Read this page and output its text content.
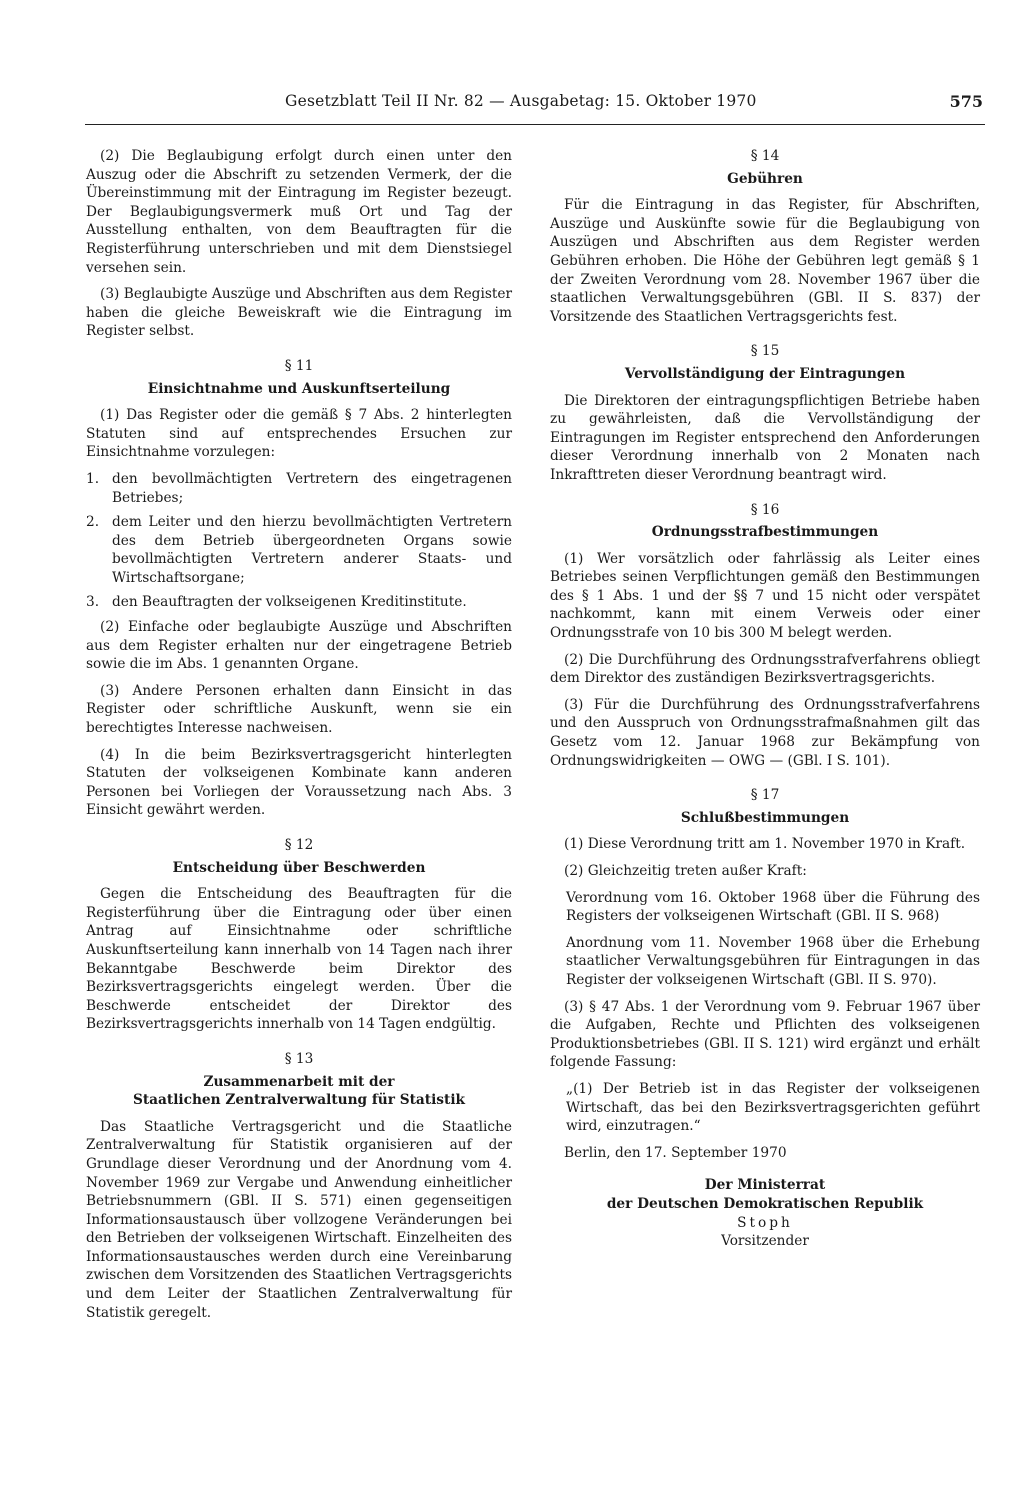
Gesetzblatt Teil II Nr. 82 — Ausgabetag: 15. Oktober 1970	575

(2) Die Beglaubigung erfolgt durch einen unter den Auszug oder die Abschrift zu setzenden Vermerk, der die Übereinstimmung mit der Eintragung im Register bezeugt. Der Beglaubigungsvermerk muß Ort und Tag der Ausstellung enthalten, von dem Beauftragten für die Registerführung unterschrieben und mit dem Dienstsiegel versehen sein.

(3) Beglaubigte Auszüge und Abschriften aus dem Register haben die gleiche Beweiskraft wie die Eintragung im Register selbst.

§ 11
Einsichtnahme und Auskunftserteilung

(1) Das Register oder die gemäß § 7 Abs. 2 hinterlegten Statuten sind auf entsprechendes Ersuchen zur Einsichtnahme vorzulegen:

1. den bevollmächtigten Vertretern des eingetragenen Betriebes;
2. dem Leiter und den hierzu bevollmächtigten Vertretern des dem Betrieb übergeordneten Organs sowie bevollmächtigten Vertretern anderer Staats- und Wirtschaftsorgane;
3. den Beauftragten der volkseigenen Kreditinstitute.

(2) Einfache oder beglaubigte Auszüge und Abschriften aus dem Register erhalten nur der eingetragene Betrieb sowie die im Abs. 1 genannten Organe.

(3) Andere Personen erhalten dann Einsicht in das Register oder schriftliche Auskunft, wenn sie ein berechtigtes Interesse nachweisen.

(4) In die beim Bezirksvertragsgericht hinterlegten Statuten der volkseigenen Kombinate kann anderen Personen bei Vorliegen der Voraussetzung nach Abs. 3 Einsicht gewährt werden.

§ 12
Entscheidung über Beschwerden

Gegen die Entscheidung des Beauftragten für die Registerführung über die Eintragung oder über einen Antrag auf Einsichtnahme oder schriftliche Auskunftserteilung kann innerhalb von 14 Tagen nach ihrer Bekanntgabe Beschwerde beim Direktor des Bezirksvertragsgerichts eingelegt werden. Über die Beschwerde entscheidet der Direktor des Bezirksvertragsgerichts innerhalb von 14 Tagen endgültig.

§ 13
Zusammenarbeit mit der
Staatlichen Zentralverwaltung für Statistik

Das Staatliche Vertragsgericht und die Staatliche Zentralverwaltung für Statistik organisieren auf der Grundlage dieser Verordnung und der Anordnung vom 4. November 1969 zur Vergabe und Anwendung einheitlicher Betriebsnummern (GBl. II S. 571) einen gegenseitigen Informationsaustausch über vollzogene Veränderungen bei den Betrieben der volkseigenen Wirtschaft. Einzelheiten des Informationsaustausches werden durch eine Vereinbarung zwischen dem Vorsitzenden des Staatlichen Vertragsgerichts und dem Leiter der Staatlichen Zentralverwaltung für Statistik geregelt.

§ 14
Gebühren

Für die Eintragung in das Register, für Abschriften, Auszüge und Auskünfte sowie für die Beglaubigung von Auszügen und Abschriften aus dem Register werden Gebühren erhoben. Die Höhe der Gebühren legt gemäß § 1 der Zweiten Verordnung vom 28. November 1967 über die staatlichen Verwaltungsgebühren (GBl. II S. 837) der Vorsitzende des Staatlichen Vertragsgerichts fest.

§ 15
Vervollständigung der Eintragungen

Die Direktoren der eintragungspflichtigen Betriebe haben zu gewährleisten, daß die Vervollständigung der Eintragungen im Register entsprechend den Anforderungen dieser Verordnung innerhalb von 2 Monaten nach Inkrafttreten dieser Verordnung beantragt wird.

§ 16
Ordnungsstrafbestimmungen

(1) Wer vorsätzlich oder fahrlässig als Leiter eines Betriebes seinen Verpflichtungen gemäß den Bestimmungen des § 1 Abs. 1 und der §§ 7 und 15 nicht oder verspätet nachkommt, kann mit einem Verweis oder einer Ordnungsstrafe von 10 bis 300 M belegt werden.

(2) Die Durchführung des Ordnungsstrafverfahrens obliegt dem Direktor des zuständigen Bezirksvertragsgerichts.

(3) Für die Durchführung des Ordnungsstrafverfahrens und den Ausspruch von Ordnungsstrafmaßnahmen gilt das Gesetz vom 12. Januar 1968 zur Bekämpfung von Ordnungswidrigkeiten — OWG — (GBl. I S. 101).

§ 17
Schlußbestimmungen

(1) Diese Verordnung tritt am 1. November 1970 in Kraft.

(2) Gleichzeitig treten außer Kraft:

Verordnung vom 16. Oktober 1968 über die Führung des Registers der volkseigenen Wirtschaft (GBl. II S. 968)

Anordnung vom 11. November 1968 über die Erhebung staatlicher Verwaltungsgebühren für Eintragungen in das Register der volkseigenen Wirtschaft (GBl. II S. 970).

(3) § 47 Abs. 1 der Verordnung vom 9. Februar 1967 über die Aufgaben, Rechte und Pflichten des volkseigenen Produktionsbetriebes (GBl. II S. 121) wird ergänzt und erhält folgende Fassung:

„(1) Der Betrieb ist in das Register der volkseigenen Wirtschaft, das bei den Bezirksvertragsgerichten geführt wird, einzutragen.“

Berlin, den 17. September 1970

Der Ministerrat
der Deutschen Demokratischen Republik
Stoph
Vorsitzender
